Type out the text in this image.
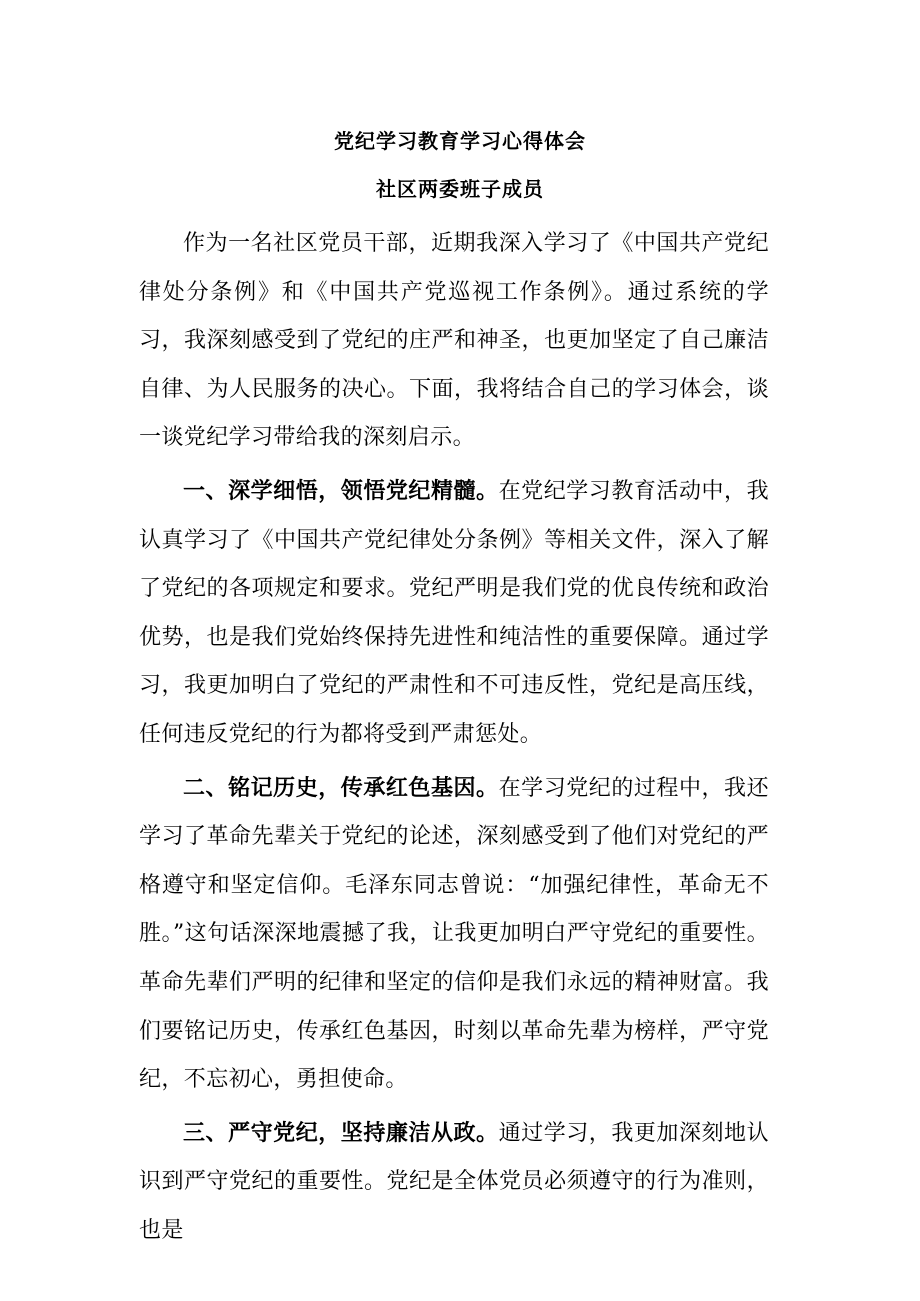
党纪学习教育学习心得体会
社区两委班子成员

作为一名社区党员干部，近期我深入学习了《中国共产党纪律处分条例》和《中国共产党巡视工作条例》。通过系统的学习，我深刻感受到了党纪的庄严和神圣，也更加坚定了自己廉洁自律、为人民服务的决心。下面，我将结合自己的学习体会，谈一谈党纪学习带给我的深刻启示。

一、深学细悟，领悟党纪精髓。在党纪学习教育活动中，我认真学习了《中国共产党纪律处分条例》等相关文件，深入了解了党纪的各项规定和要求。党纪严明是我们党的优良传统和政治优势，也是我们党始终保持先进性和纯洁性的重要保障。通过学习，我更加明白了党纪的严肃性和不可违反性，党纪是高压线，任何违反党纪的行为都将受到严肃惩处。

二、铭记历史，传承红色基因。在学习党纪的过程中，我还学习了革命先辈关于党纪的论述，深刻感受到了他们对党纪的严格遵守和坚定信仰。毛泽东同志曾说：“加强纪律性，革命无不胜。”这句话深深地震撼了我，让我更加明白严守党纪的重要性。革命先辈们严明的纪律和坚定的信仰是我们永远的精神财富。我们要铭记历史，传承红色基因，时刻以革命先辈为榜样，严守党纪，不忘初心，勇担使命。

三、严守党纪，坚持廉洁从政。通过学习，我更加深刻地认识到严守党纪的重要性。党纪是全体党员必须遵守的行为准则，也是
